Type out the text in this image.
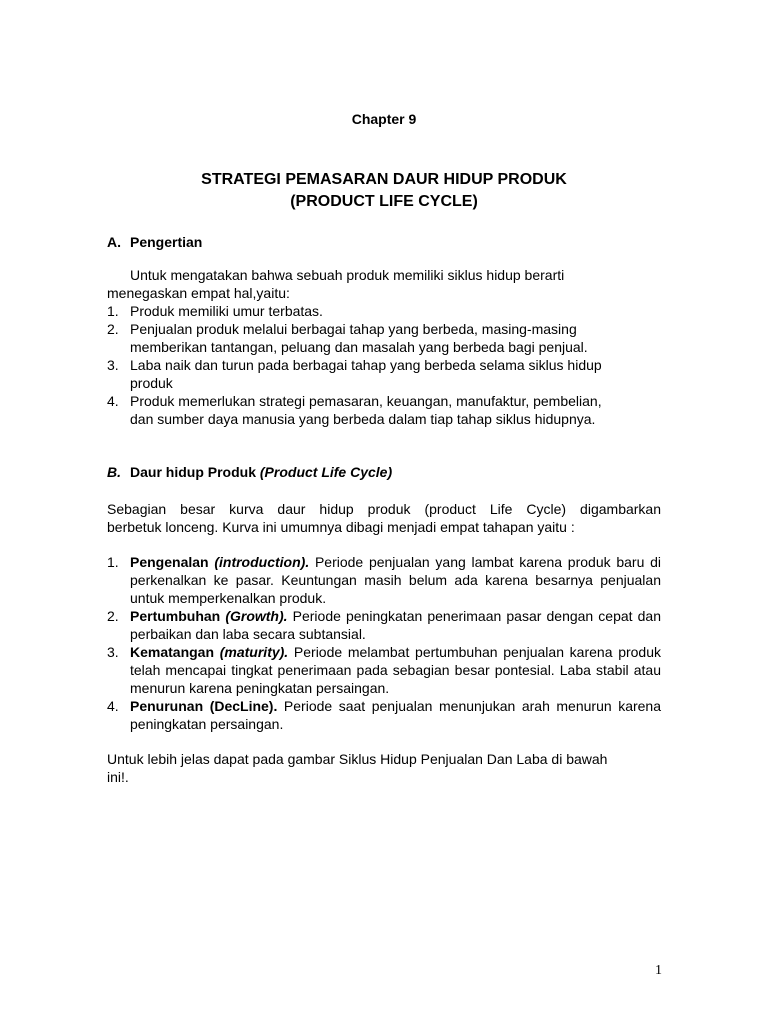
Chapter 9
STRATEGI PEMASARAN DAUR HIDUP PRODUK
(PRODUCT LIFE CYCLE)
A. Pengertian
Untuk mengatakan bahwa sebuah produk memiliki siklus hidup berarti
menegaskan empat hal,yaitu:
1. Produk memiliki umur terbatas.
2. Penjualan produk melalui berbagai tahap yang berbeda, masing-masing
memberikan tantangan, peluang dan masalah yang berbeda bagi penjual.
3. Laba naik dan turun pada berbagai tahap yang berbeda selama siklus hidup
produk
4. Produk memerlukan strategi pemasaran, keuangan, manufaktur, pembelian,
dan sumber daya manusia yang berbeda dalam tiap tahap siklus hidupnya.
B. Daur hidup Produk (Product Life Cycle)
Sebagian besar kurva daur hidup produk (product Life Cycle) digambarkan
berbetuk lonceng. Kurva ini umumnya dibagi menjadi empat tahapan yaitu :
1. Pengenalan (introduction). Periode penjualan yang lambat karena produk baru di perkenalkan ke pasar. Keuntungan masih belum ada karena besarnya penjualan untuk memperkenalkan produk.
2. Pertumbuhan (Growth). Periode peningkatan penerimaan pasar dengan cepat dan perbaikan dan laba secara subtansial.
3. Kematangan (maturity). Periode melambat pertumbuhan penjualan karena produk telah mencapai tingkat penerimaan pada sebagian besar pontesial. Laba stabil atau menurun karena peningkatan persaingan.
4. Penurunan (DecLine). Periode saat penjualan menunjukan arah menurun karena peningkatan persaingan.
Untuk lebih jelas dapat pada gambar Siklus Hidup Penjualan Dan Laba di bawah
ini!.
1
